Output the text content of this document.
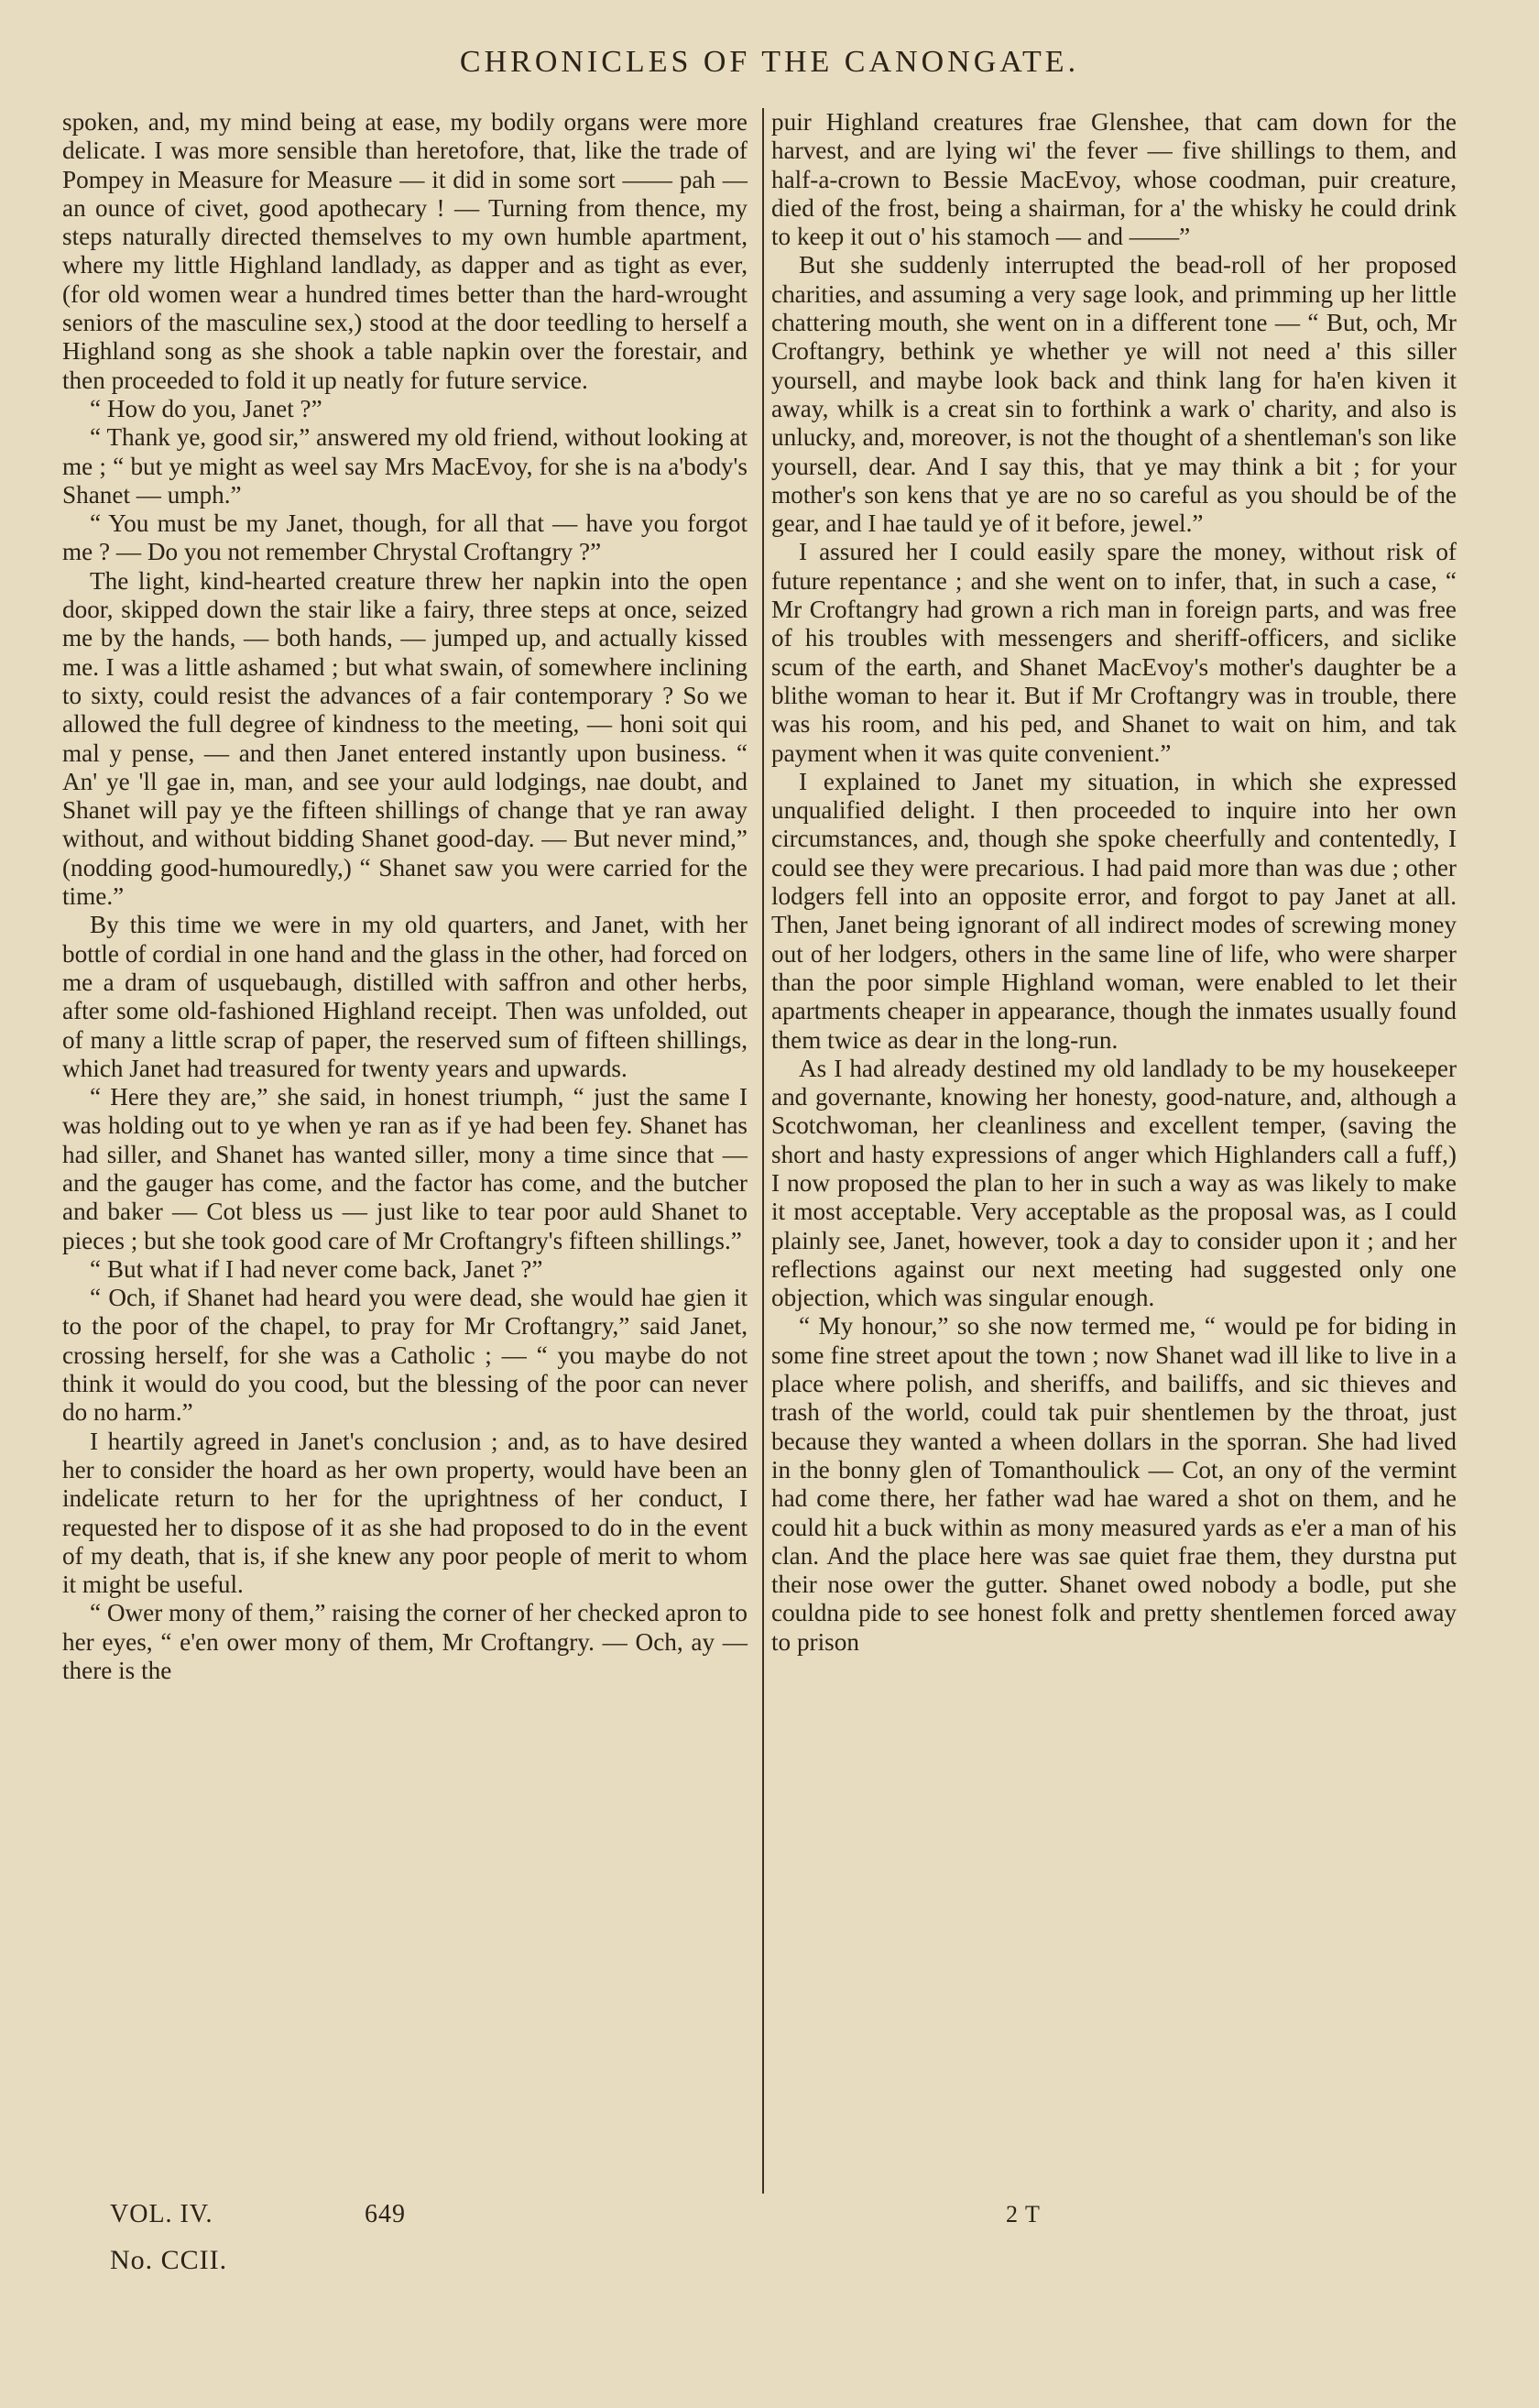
CHRONICLES OF THE CANONGATE.

spoken, and, my mind being at ease, my bodily organs were more delicate. I was more sensible than heretofore, that, like the trade of Pompey in Measure for Measure — it did in some sort —— pah — an ounce of civet, good apothecary ! — Turning from thence, my steps naturally directed themselves to my own humble apartment, where my little Highland landlady, as dapper and as tight as ever, (for old women wear a hundred times better than the hard-wrought seniors of the masculine sex,) stood at the door teedling to herself a Highland song as she shook a table napkin over the forestair, and then proceeded to fold it up neatly for future service.

“ How do you, Janet ?”

“ Thank ye, good sir,” answered my old friend, without looking at me ; “ but ye might as weel say Mrs MacEvoy, for she is na a'body's Shanet — umph.”

“ You must be my Janet, though, for all that — have you forgot me ? — Do you not remember Chrystal Croftangry ?”

The light, kind-hearted creature threw her napkin into the open door, skipped down the stair like a fairy, three steps at once, seized me by the hands, — both hands, — jumped up, and actually kissed me. I was a little ashamed ; but what swain, of somewhere inclining to sixty, could resist the advances of a fair contemporary ? So we allowed the full degree of kindness to the meeting, — honi soit qui mal y pense, — and then Janet entered instantly upon business. “ An' ye 'll gae in, man, and see your auld lodgings, nae doubt, and Shanet will pay ye the fifteen shillings of change that ye ran away without, and without bidding Shanet good-day. — But never mind,” (nodding good-humouredly,) “ Shanet saw you were carried for the time.”

By this time we were in my old quarters, and Janet, with her bottle of cordial in one hand and the glass in the other, had forced on me a dram of usquebaugh, distilled with saffron and other herbs, after some old-fashioned Highland receipt. Then was unfolded, out of many a little scrap of paper, the reserved sum of fifteen shillings, which Janet had treasured for twenty years and upwards.

“ Here they are,” she said, in honest triumph, “ just the same I was holding out to ye when ye ran as if ye had been fey. Shanet has had siller, and Shanet has wanted siller, mony a time since that — and the gauger has come, and the factor has come, and the butcher and baker — Cot bless us — just like to tear poor auld Shanet to pieces ; but she took good care of Mr Croftangry's fifteen shillings.”

“ But what if I had never come back, Janet ?”

“ Och, if Shanet had heard you were dead, she would hae gien it to the poor of the chapel, to pray for Mr Croftangry,” said Janet, crossing herself, for she was a Catholic ; — “ you maybe do not think it would do you cood, but the blessing of the poor can never do no harm.”

I heartily agreed in Janet's conclusion ; and, as to have desired her to consider the hoard as her own property, would have been an indelicate return to her for the uprightness of her conduct, I requested her to dispose of it as she had proposed to do in the event of my death, that is, if she knew any poor people of merit to whom it might be useful.

“ Ower mony of them,” raising the corner of her checked apron to her eyes, “ e'en ower mony of them, Mr Croftangry. — Och, ay — there is the

puir Highland creatures frae Glenshee, that cam down for the harvest, and are lying wi' the fever — five shillings to them, and half-a-crown to Bessie MacEvoy, whose coodman, puir creature, died of the frost, being a shairman, for a' the whisky he could drink to keep it out o' his stamoch — and ——”

But she suddenly interrupted the bead-roll of her proposed charities, and assuming a very sage look, and primming up her little chattering mouth, she went on in a different tone — “ But, och, Mr Croftangry, bethink ye whether ye will not need a' this siller yoursell, and maybe look back and think lang for ha'en kiven it away, whilk is a creat sin to forthink a wark o' charity, and also is unlucky, and, moreover, is not the thought of a shentleman's son like yoursell, dear. And I say this, that ye may think a bit ; for your mother's son kens that ye are no so careful as you should be of the gear, and I hae tauld ye of it before, jewel.”

I assured her I could easily spare the money, without risk of future repentance ; and she went on to infer, that, in such a case, “ Mr Croftangry had grown a rich man in foreign parts, and was free of his troubles with messengers and sheriff-officers, and siclike scum of the earth, and Shanet MacEvoy's mother's daughter be a blithe woman to hear it. But if Mr Croftangry was in trouble, there was his room, and his ped, and Shanet to wait on him, and tak payment when it was quite convenient.”

I explained to Janet my situation, in which she expressed unqualified delight. I then proceeded to inquire into her own circumstances, and, though she spoke cheerfully and contentedly, I could see they were precarious. I had paid more than was due ; other lodgers fell into an opposite error, and forgot to pay Janet at all. Then, Janet being ignorant of all indirect modes of screwing money out of her lodgers, others in the same line of life, who were sharper than the poor simple Highland woman, were enabled to let their apartments cheaper in appearance, though the inmates usually found them twice as dear in the long-run.

As I had already destined my old landlady to be my housekeeper and governante, knowing her honesty, good-nature, and, although a Scotchwoman, her cleanliness and excellent temper, (saving the short and hasty expressions of anger which Highlanders call a fuff,) I now proposed the plan to her in such a way as was likely to make it most acceptable. Very acceptable as the proposal was, as I could plainly see, Janet, however, took a day to consider upon it ; and her reflections against our next meeting had suggested only one objection, which was singular enough.

“ My honour,” so she now termed me, “ would pe for biding in some fine street apout the town ; now Shanet wad ill like to live in a place where polish, and sheriffs, and bailiffs, and sic thieves and trash of the world, could tak puir shentlemen by the throat, just because they wanted a wheen dollars in the sporran. She had lived in the bonny glen of Tomanthoulick — Cot, an ony of the vermint had come there, her father wad hae wared a shot on them, and he could hit a buck within as mony measured yards as e'er a man of his clan. And the place here was sae quiet frae them, they durstna put their nose ower the gutter. Shanet owed nobody a bodle, put she couldna pide to see honest folk and pretty shentlemen forced away to prison

VOL. IV.	649	2 T
No. CCII.
